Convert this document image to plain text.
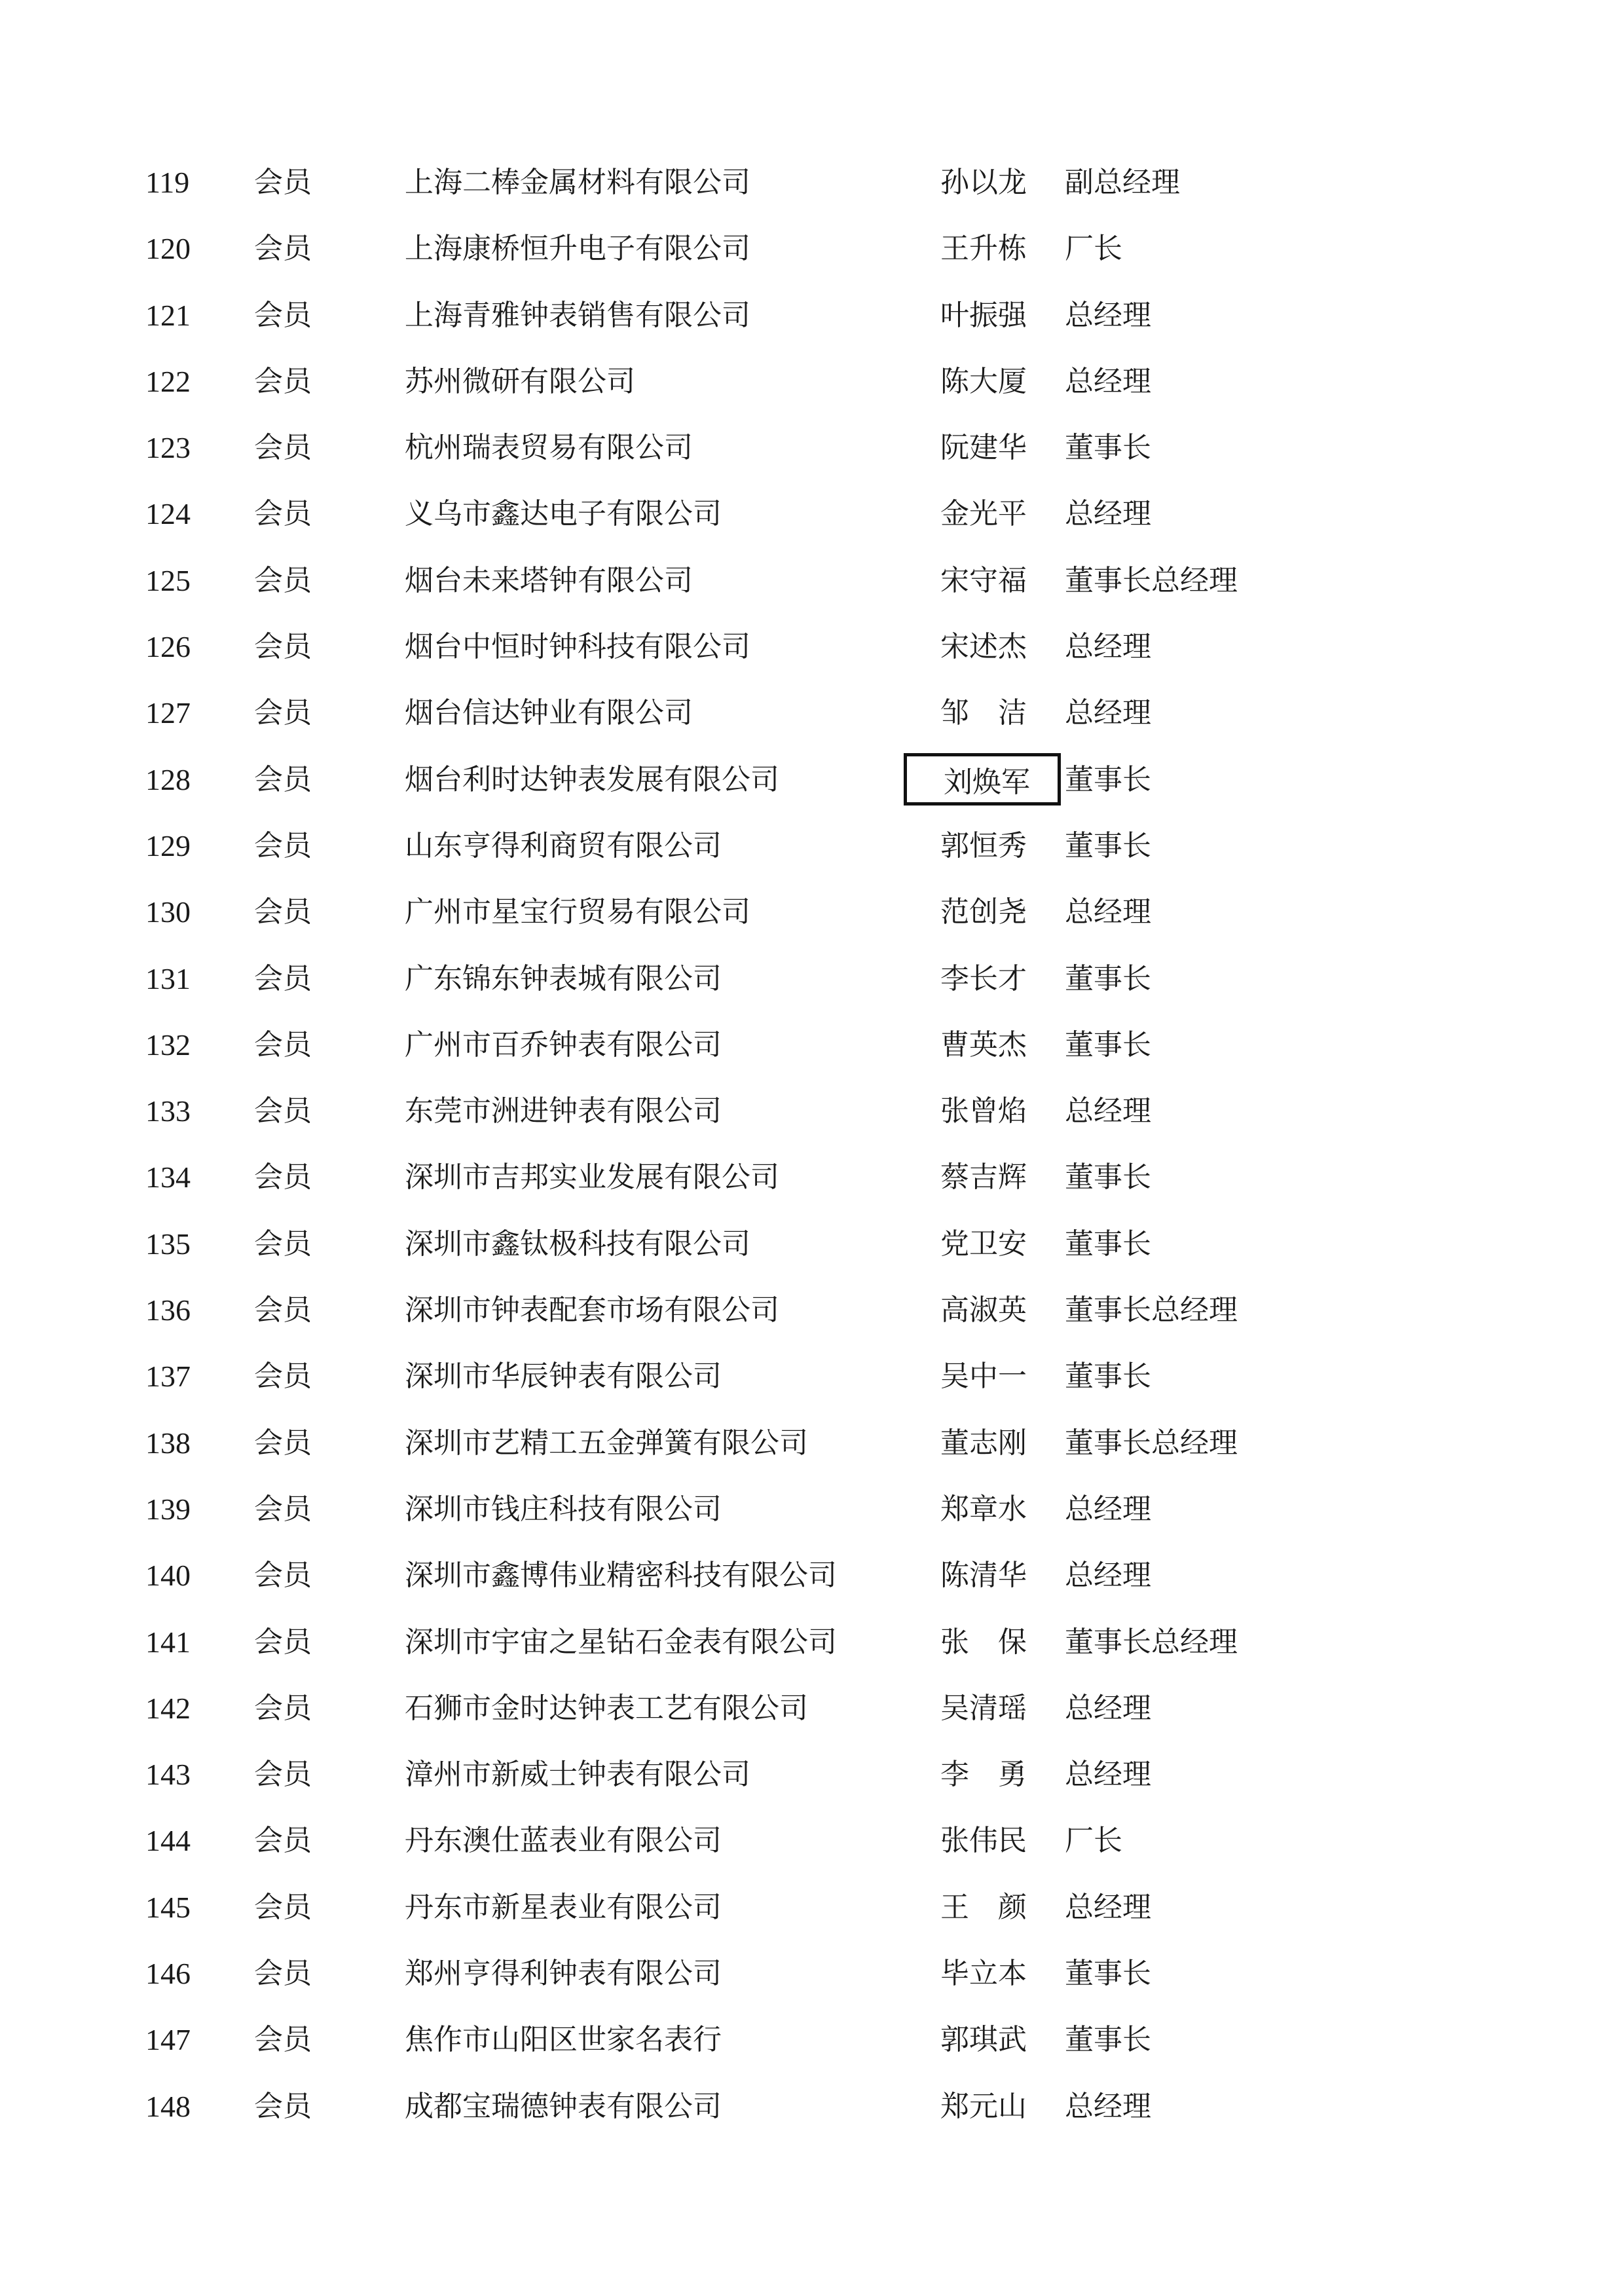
119 会员	上海二棒金属材料有限公司	孙以龙 副总经理
120 会员	上海康桥恒升电子有限公司	王升栋 厂长
121 会员	上海青雅钟表销售有限公司	叶振强 总经理
122 会员	苏州微研有限公司	陈大厦 总经理
123 会员	杭州瑞表贸易有限公司	阮建华 董事长
124 会员	义乌市鑫达电子有限公司	金光平 总经理
125 会员	烟台未来塔钟有限公司	宋守福 董事长总经理
126 会员	烟台中恒时钟科技有限公司	宋述杰 总经理
127 会员	烟台信达钟业有限公司	邹　洁 总经理
128 会员	烟台利时达钟表发展有限公司	刘焕军	董事长
129 会员	山东亨得利商贸有限公司	郭恒秀 董事长
130 会员	广州市星宝行贸易有限公司	范创尧 总经理
131 会员	广东锦东钟表城有限公司	李长才 董事长
132 会员	广州市百乔钟表有限公司	曹英杰 董事长
133 会员	东莞市洲进钟表有限公司	张曾焰 总经理
134 会员	深圳市吉邦实业发展有限公司	蔡吉辉 董事长
135 会员	深圳市鑫钛极科技有限公司	党卫安 董事长
136 会员	深圳市钟表配套市场有限公司	高淑英 董事长总经理
137 会员	深圳市华辰钟表有限公司	吴中一 董事长
138 会员	深圳市艺精工五金弹簧有限公司	董志刚 董事长总经理
139 会员	深圳市钱庄科技有限公司	郑章水 总经理
140 会员	深圳市鑫博伟业精密科技有限公司	陈清华 总经理
141 会员	深圳市宇宙之星钻石金表有限公司	张　保 董事长总经理
142 会员	石狮市金时达钟表工艺有限公司	吴清瑶 总经理
143 会员	漳州市新威士钟表有限公司	李　勇 总经理
144 会员	丹东澳仕蓝表业有限公司	张伟民 厂长
145 会员	丹东市新星表业有限公司	王　颜 总经理
146 会员	郑州亨得利钟表有限公司	毕立本 董事长
147 会员	焦作市山阳区世家名表行	郭琪武 董事长
148 会员	成都宝瑞德钟表有限公司	郑元山 总经理
